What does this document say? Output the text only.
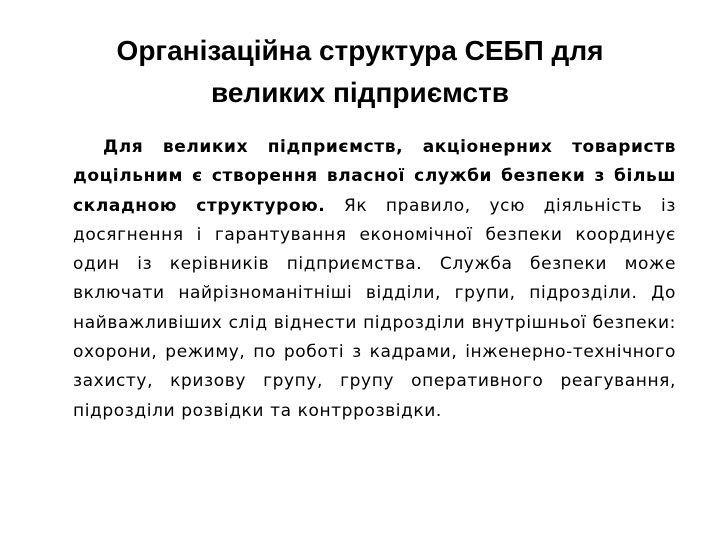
Організаційна структура СЕБП для
великих підприємств

Для великих підприємств, акціонерних товариств доцільним є створення власної служби безпеки з більш складною структурою. Як правило, усю діяльність із досягнення і гарантування економічної безпеки координує один із керівників підприємства. Служба безпеки може включати найрізноманітніші відділи, групи, підрозділи. До найважливіших слід віднести підрозділи внутрішньої безпеки: охорони, режиму, по роботі з кадрами, інженерно-технічного захисту, кризову групу, групу оперативного реагування, підрозділи розвідки та контррозвідки.
